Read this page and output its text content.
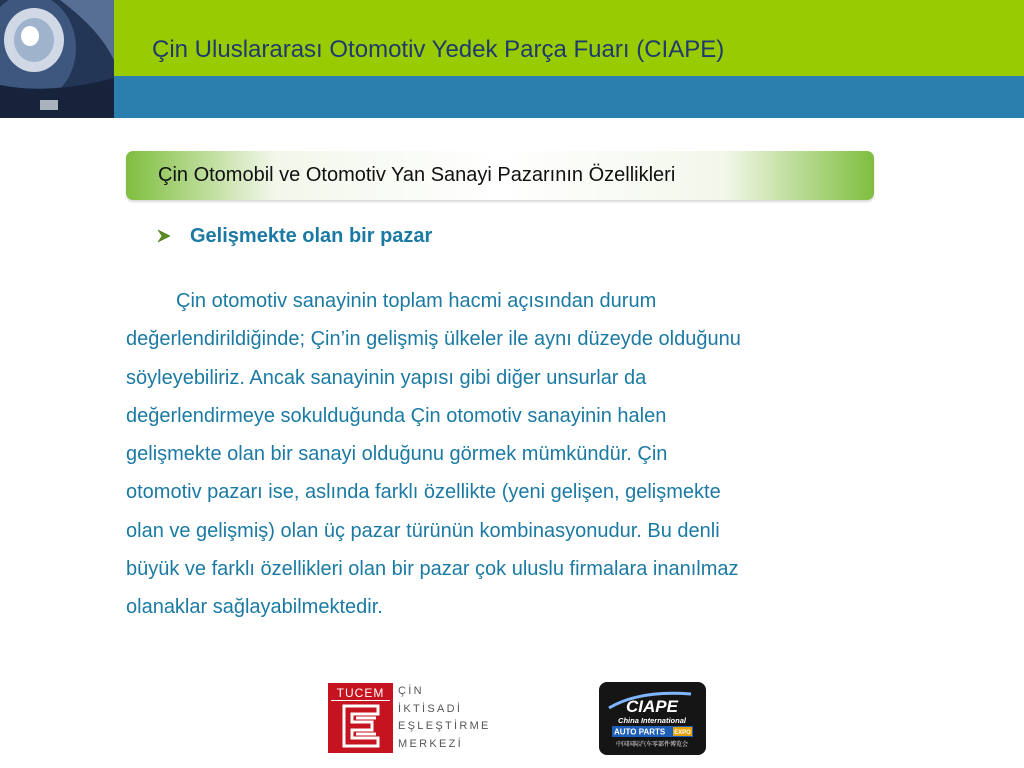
Çin Uluslararası Otomotiv Yedek Parça Fuarı (CIAPE)
Çin Otomobil ve Otomotiv Yan Sanayi Pazarının Özellikleri
Gelişmekte olan bir pazar

Çin otomotiv sanayinin toplam hacmi açısından durum
değerlendirildiğinde; Çin’in gelişmiş ülkeler ile aynı düzeyde olduğunu
söyleyebiliriz. Ancak sanayinin yapısı gibi diğer unsurlar da
değerlendirmeye sokulduğunda Çin otomotiv sanayinin halen
gelişmekte olan bir sanayi olduğunu görmek mümkündür. Çin
otomotiv pazarı ise, aslında farklı özellikte (yeni gelişen, gelişmekte
olan ve gelişmiş) olan üç pazar türünün kombinasyonudur. Bu denli
büyük ve farklı özellikleri olan bir pazar çok uluslu firmalara inanılmaz
olanaklar sağlayabilmektedir.

TUCEM	ÇİN
İKTİSADİ
EŞLEŞTİRME
MERKEZİ
CIAPE
China International
AUTO PARTS EXPO
中国国际汽车零部件博览会
